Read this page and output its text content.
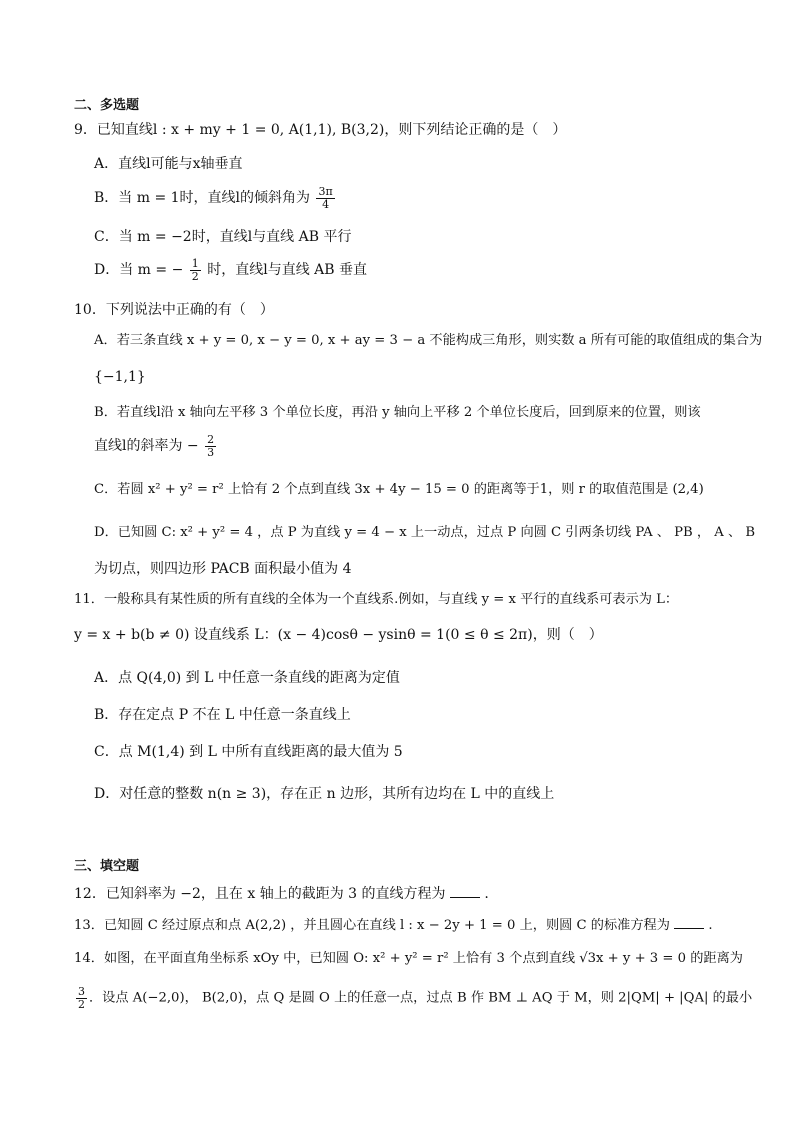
二、多选题
9．已知直线l : x + my + 1 = 0, A(1,1), B(3,2)，则下列结论正确的是（　）
A．直线l可能与x轴垂直
B．当 m = 1时，直线l的倾斜角为 $\frac{3\pi}{4}$
C．当 m = −2时，直线l与直线 AB 平行
D．当 m = − $\frac{1}{2}$ 时，直线l与直线 AB 垂直
10．下列说法中正确的有（　）
A．若三条直线 x + y = 0, x − y = 0, x + ay = 3 − a 不能构成三角形，则实数 a 所有可能的取值组成的集合为
{−1,1}
B．若直线l沿 x 轴向左平移 3 个单位长度，再沿 y 轴向上平移 2 个单位长度后，回到原来的位置，则该
直线l的斜率为 − $\frac{2}{3}$
C．若圆 x² + y² = r² 上恰有 2 个点到直线 3x + 4y − 15 = 0 的距离等于1，则 r 的取值范围是 (2,4)
D．已知圆 C: x² + y² = 4 ，点 P 为直线 y = 4 − x 上一动点，过点 P 向圆 C 引两条切线 PA 、 PB ， A 、 B
为切点，则四边形 PACB 面积最小值为 4
11．一般称具有某性质的所有直线的全体为一个直线系.例如，与直线 y = x 平行的直线系可表示为 L：
y = x + b(b ≠ 0) 设直线系 L：(x − 4)cosθ − ysinθ = 1(0 ≤ θ ≤ 2π)，则（　）
A．点 Q(4,0) 到 L 中任意一条直线的距离为定值
B．存在定点 P 不在 L 中任意一条直线上
C．点 M(1,4) 到 L 中所有直线距离的最大值为 5
D．对任意的整数 n(n ≥ 3)，存在正 n 边形，其所有边均在 L 中的直线上
三、填空题
12．已知斜率为 −2，且在 x 轴上的截距为 3 的直线方程为	.
13．已知圆 C 经过原点和点 A(2,2) ，并且圆心在直线 l : x − 2y + 1 = 0 上，则圆 C 的标准方程为	.
14．如图，在平面直角坐标系 xOy 中，已知圆 O: x² + y² = r² 上恰有 3 个点到直线 √3x + y + 3 = 0 的距离为
$\frac{3}{2}$ ．设点 A(−2,0)， B(2,0)，点 Q 是圆 O 上的任意一点，过点 B 作 BM ⊥ AQ 于 M，则 2|QM| + |QA| 的最小
